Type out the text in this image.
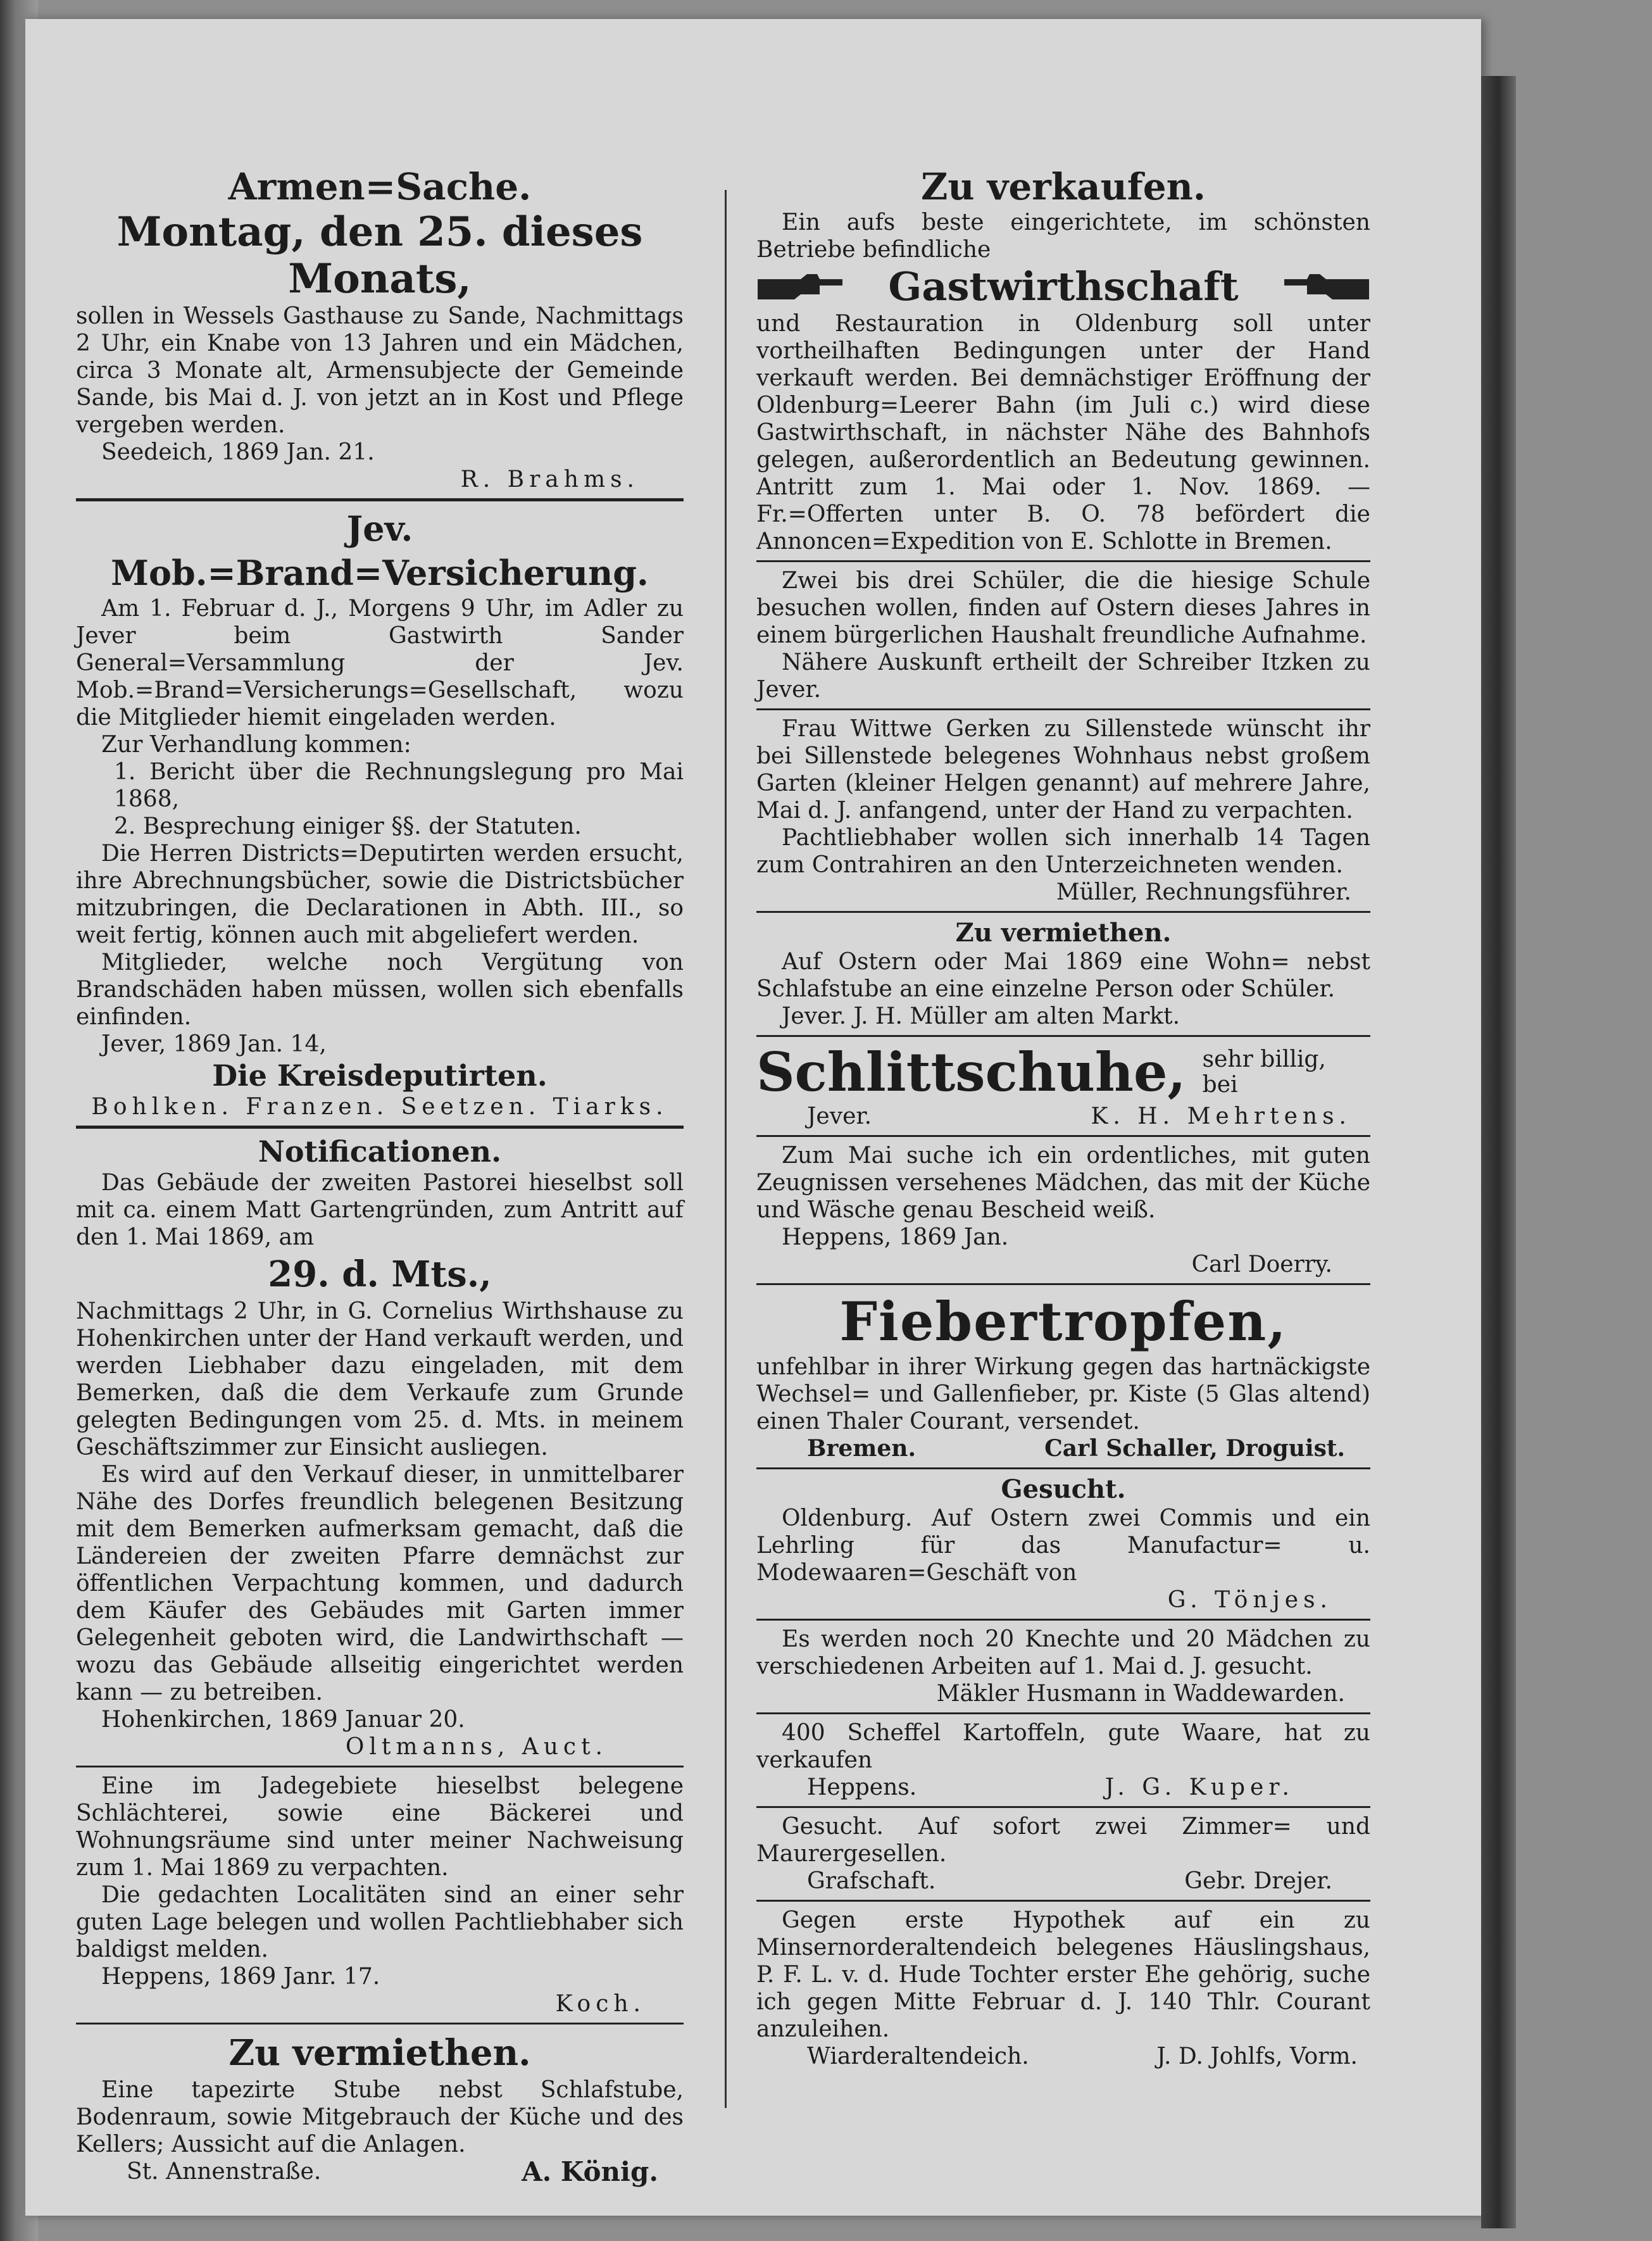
Armen=Sache.
Montag, den 25. dieses Monats,

sollen in Wessels Gasthause zu Sande, Nachmittags 2 Uhr, ein Knabe von 13 Jahren und ein Mädchen, circa 3 Monate alt, Armensubjecte der Gemeinde Sande, bis Mai d. J. von jetzt an in Kost und Pflege vergeben werden.

Seedeich, 1869 Jan. 21.

R. Brahms.

Jev. Mob.=Brand=Versicherung.

Am 1. Februar d. J., Morgens 9 Uhr, im Adler zu Jever beim Gastwirth Sander General=Versammlung der Jev. Mob.=Brand=Versicherungs=Gesellschaft, wozu die Mitglieder hiemit eingeladen werden.

Zur Verhandlung kommen:

1. Bericht über die Rechnungslegung pro Mai 1868,

2. Besprechung einiger §§. der Statuten.

Die Herren Districts=Deputirten werden ersucht, ihre Abrechnungsbücher, sowie die Districtsbücher mitzubringen, die Declarationen in Abth. III., so weit fertig, können auch mit abgeliefert werden.

Mitglieder, welche noch Vergütung von Brandschäden haben müssen, wollen sich ebenfalls einfinden.

Jever, 1869 Jan. 14,

Die Kreisdeputirten.

Bohlken. Franzen. Seetzen. Tiarks.

Notificationen.

Das Gebäude der zweiten Pastorei hieselbst soll mit ca. einem Matt Gartengründen, zum Antritt auf den 1. Mai 1869, am

29. d. Mts.,

Nachmittags 2 Uhr, in G. Cornelius Wirthshause zu Hohenkirchen unter der Hand verkauft werden, und werden Liebhaber dazu eingeladen, mit dem Bemerken, daß die dem Verkaufe zum Grunde gelegten Bedingungen vom 25. d. Mts. in meinem Geschäftszimmer zur Einsicht ausliegen.

Es wird auf den Verkauf dieser, in unmittelbarer Nähe des Dorfes freundlich belegenen Besitzung mit dem Bemerken aufmerksam gemacht, daß die Ländereien der zweiten Pfarre demnächst zur öffentlichen Verpachtung kommen, und dadurch dem Käufer des Gebäudes mit Garten immer Gelegenheit geboten wird, die Landwirthschaft — wozu das Gebäude allseitig eingerichtet werden kann — zu betreiben.

Hohenkirchen, 1869 Januar 20.

Oltmanns, Auct.

Eine im Jadegebiete hieselbst belegene Schlächterei, sowie eine Bäckerei und Wohnungsräume sind unter meiner Nachweisung zum 1. Mai 1869 zu verpachten.

Die gedachten Localitäten sind an einer sehr guten Lage belegen und wollen Pachtliebhaber sich baldigst melden.

Heppens, 1869 Janr. 17.

Koch.

Zu vermiethen.

Eine tapezirte Stube nebst Schlafstube, Bodenraum, sowie Mitgebrauch der Küche und des Kellers; Aussicht auf die Anlagen.

St. Annenstraße.	A. König.
Zu verkaufen.

Ein aufs beste eingerichtete, im schönsten Betriebe befindliche

Gastwirthschaft

und Restauration in Oldenburg soll unter vortheilhaften Bedingungen unter der Hand verkauft werden. Bei demnächstiger Eröffnung der Oldenburg=Leerer Bahn (im Juli c.) wird diese Gastwirthschaft, in nächster Nähe des Bahnhofs gelegen, außerordentlich an Bedeutung gewinnen. Antritt zum 1. Mai oder 1. Nov. 1869. — Fr.=Offerten unter B. O. 78 befördert die Annoncen=Expedition von E. Schlotte in Bremen.

Zwei bis drei Schüler, die die hiesige Schule besuchen wollen, finden auf Ostern dieses Jahres in einem bürgerlichen Haushalt freundliche Aufnahme.

Nähere Auskunft ertheilt der Schreiber Itzken zu Jever.

Frau Wittwe Gerken zu Sillenstede wünscht ihr bei Sillenstede belegenes Wohnhaus nebst großem Garten (kleiner Helgen genannt) auf mehrere Jahre, Mai d. J. anfangend, unter der Hand zu verpachten.

Pachtliebhaber wollen sich innerhalb 14 Tagen zum Contrahiren an den Unterzeichneten wenden.

Müller, Rechnungsführer.

Zu vermiethen.

Auf Ostern oder Mai 1869 eine Wohn= nebst Schlafstube an eine einzelne Person oder Schüler.

Jever. J. H. Müller am alten Markt.

Schlittschuhe, sehr billig,
bei
Jever.	K. H. Mehrtens.

Zum Mai suche ich ein ordentliches, mit guten Zeugnissen versehenes Mädchen, das mit der Küche und Wäsche genau Bescheid weiß.

Heppens, 1869 Jan.

Carl Doerry.

Fiebertropfen,

unfehlbar in ihrer Wirkung gegen das hartnäckigste Wechsel= und Gallenfieber, pr. Kiste (5 Glas altend) einen Thaler Courant, versendet.

Bremen.	Carl Schaller, Droguist.
Gesucht.

Oldenburg. Auf Ostern zwei Commis und ein Lehrling für das Manufactur= u. Modewaaren=Geschäft von

G. Tönjes.

Es werden noch 20 Knechte und 20 Mädchen zu verschiedenen Arbeiten auf 1. Mai d. J. gesucht.

Mäkler Husmann in Waddewarden.

400 Scheffel Kartoffeln, gute Waare, hat zu verkaufen

Heppens.	J. G. Kuper.

Gesucht. Auf sofort zwei Zimmer= und Maurergesellen.

Grafschaft.	Gebr. Drejer.

Gegen erste Hypothek auf ein zu Minsernorderaltendeich belegenes Häuslingshaus, P. F. L. v. d. Hude Tochter erster Ehe gehörig, suche ich gegen Mitte Februar d. J. 140 Thlr. Courant anzuleihen.

Wiarderaltendeich.	J. D. Johlfs, Vorm.
